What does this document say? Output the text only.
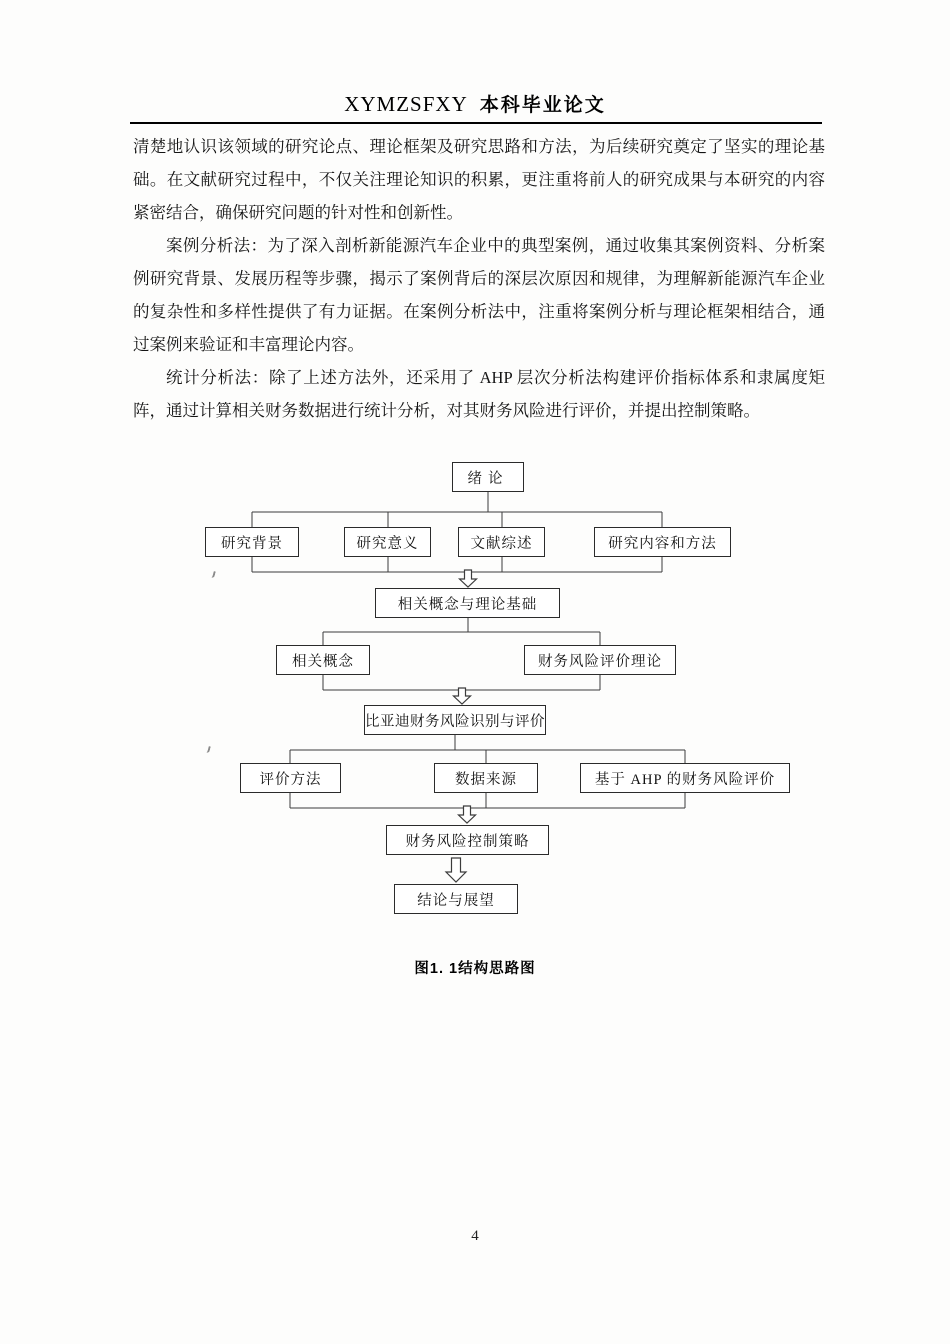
XYMZSFXY 本科毕业论文

清楚地认识该领域的研究论点、理论框架及研究思路和方法，为后续研究奠定了坚实的理论基础。在文献研究过程中，不仅关注理论知识的积累，更注重将前人的研究成果与本研究的内容紧密结合，确保研究问题的针对性和创新性。

案例分析法：为了深入剖析新能源汽车企业中的典型案例，通过收集其案例资料、分析案例研究背景、发展历程等步骤，揭示了案例背后的深层次原因和规律，为理解新能源汽车企业的复杂性和多样性提供了有力证据。在案例分析法中，注重将案例分析与理论框架相结合，通过案例来验证和丰富理论内容。

统计分析法：除了上述方法外，还采用了 AHP 层次分析法构建评价指标体系和隶属度矩阵，通过计算相关财务数据进行统计分析，对其财务风险进行评价，并提出控制策略。

绪论
研究背景	研究意义	文献综述	研究内容和方法
相关概念与理论基础
相关概念	财务风险评价理论
比亚迪财务风险识别与评价
评价方法	数据来源	基于 AHP 的财务风险评价
财务风险控制策略
结论与展望
图1. 1结构思路图
4
